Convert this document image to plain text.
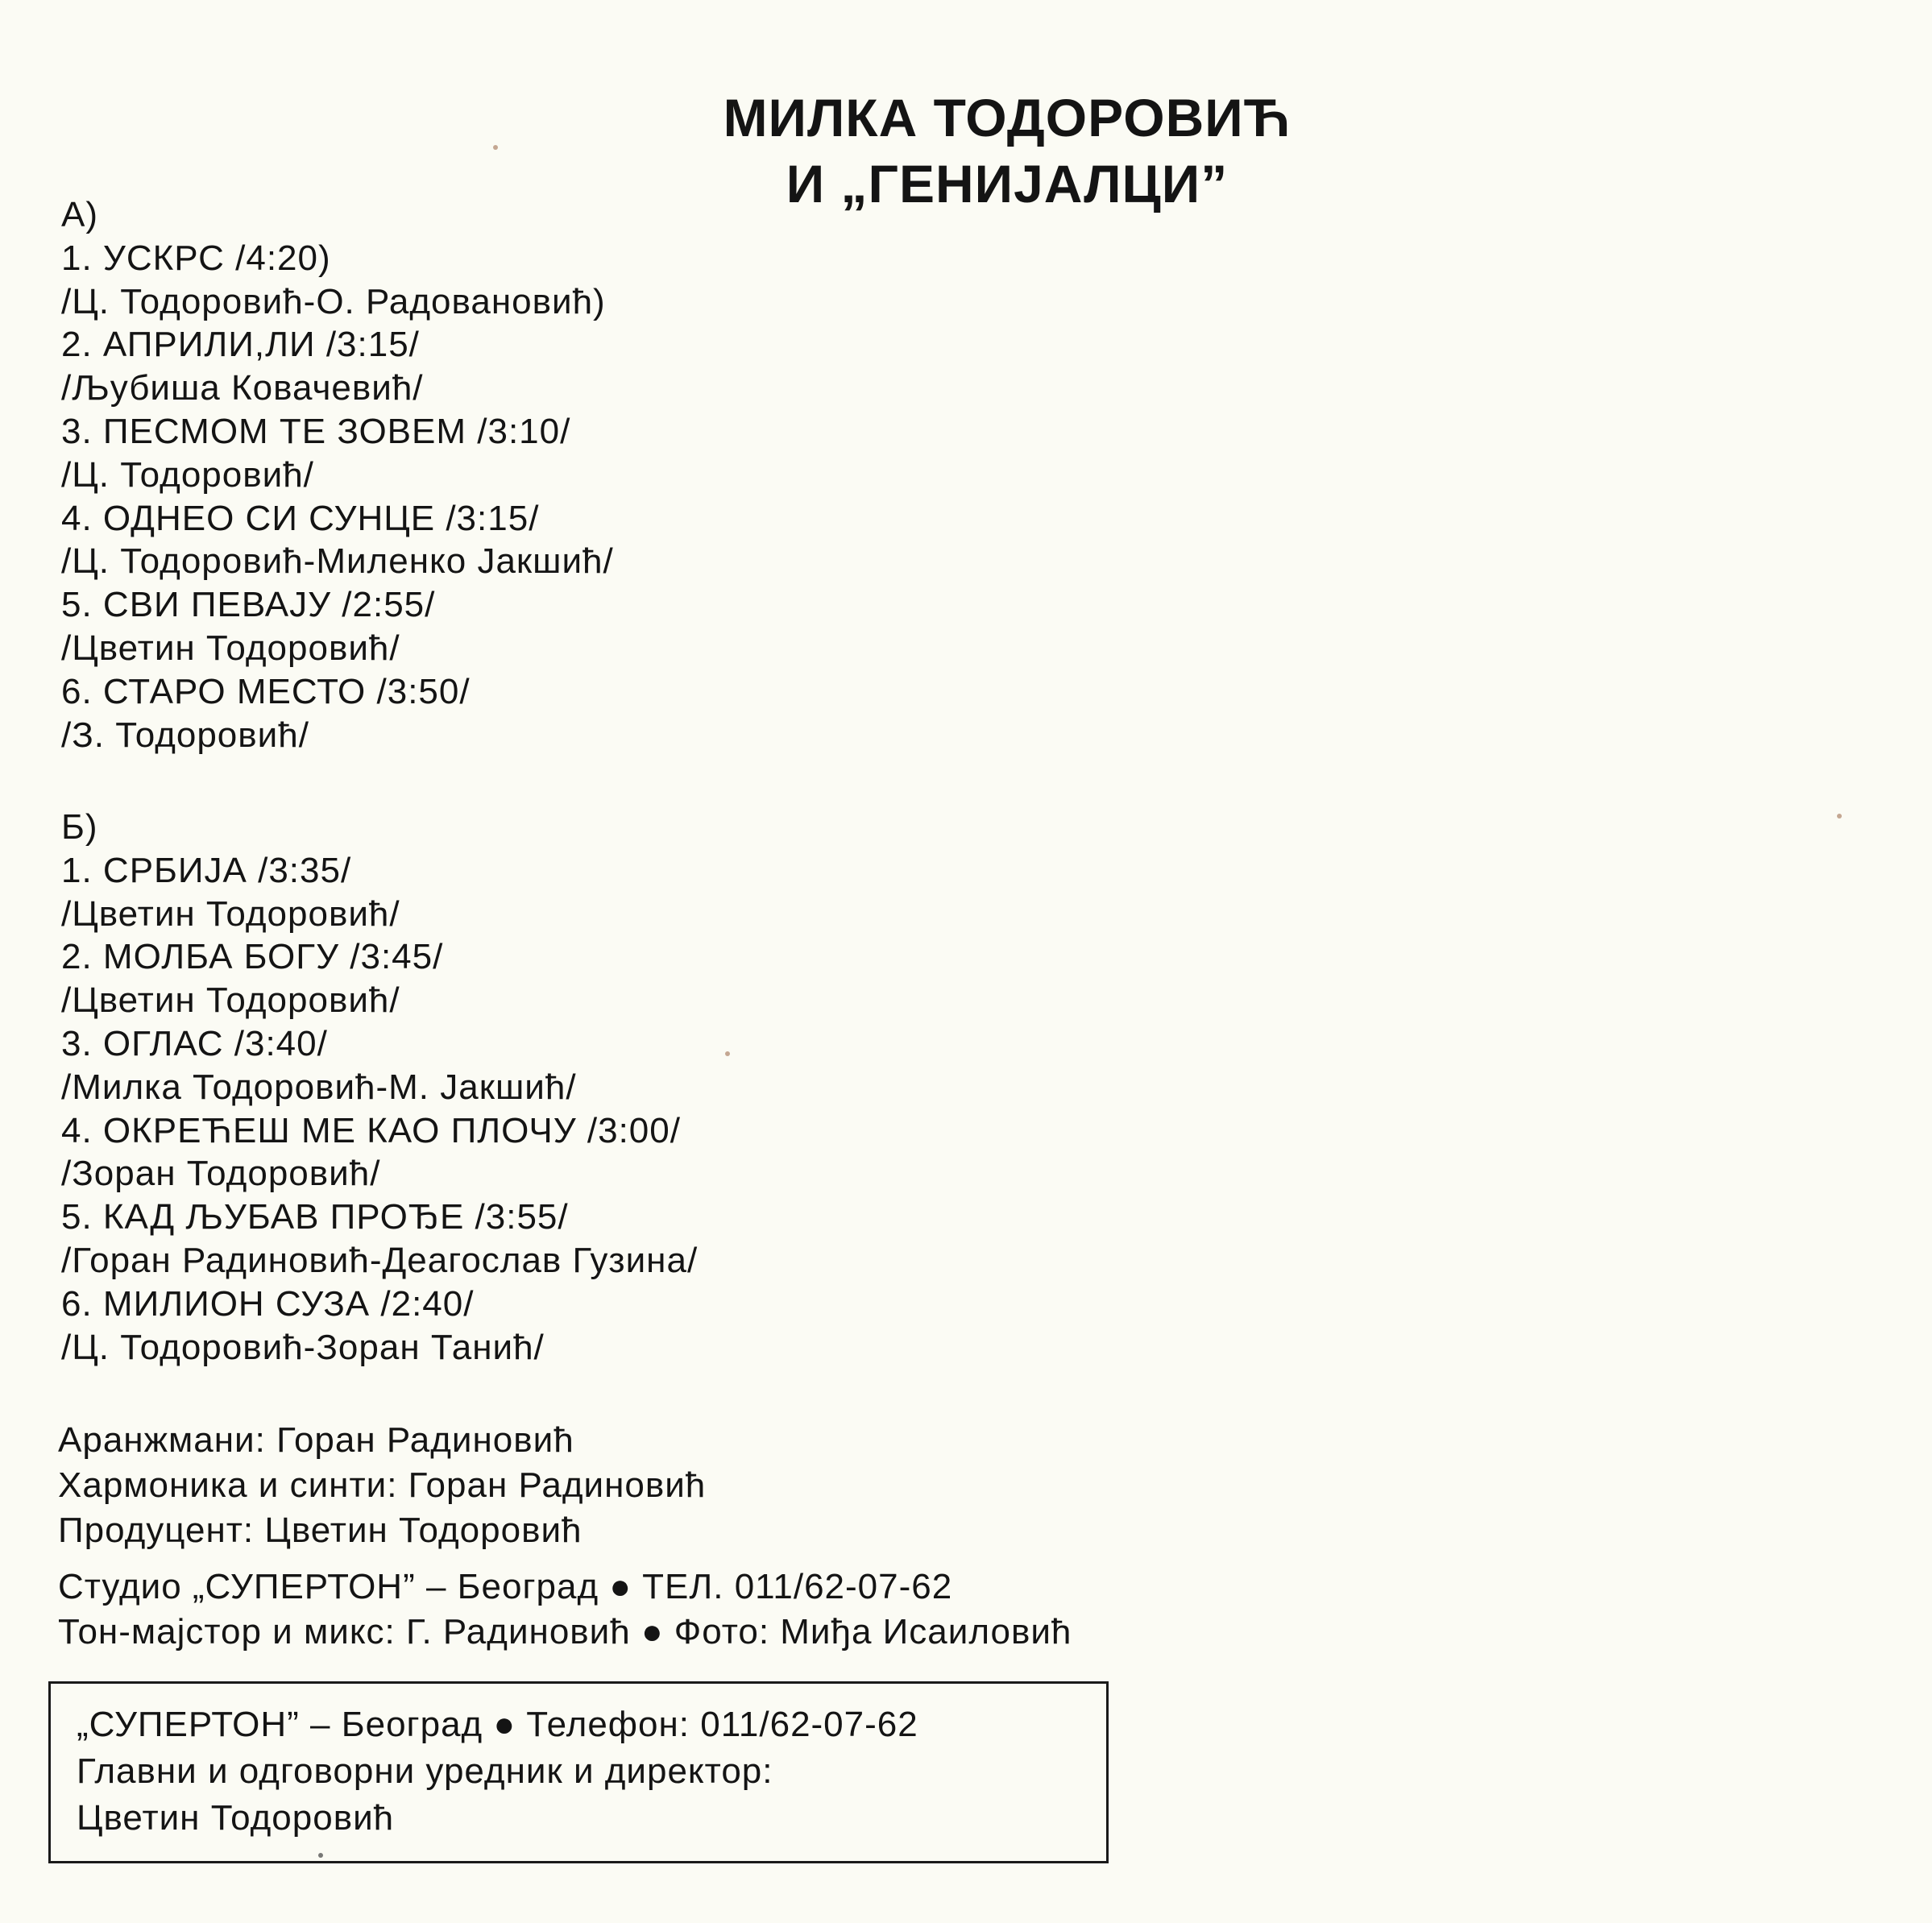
МИЛКА ТОДОРОВИЋ
И „ГЕНИЈАЛЦИ”
А)
1. УСКРС /4:20)
/Ц. Тодоровић-О. Радовановић)
2. АПРИЛИ,ЛИ /3:15/
/Љубиша Ковачевић/
3. ПЕСМОМ ТЕ ЗОВЕМ /3:10/
/Ц. Тодоровић/
4. ОДНЕО СИ СУНЦЕ /3:15/
/Ц. Тодоровић-Миленко Јакшић/
5. СВИ ПЕВАЈУ /2:55/
/Цветин Тодоровић/
6. СТАРО МЕСТО /3:50/
/З. Тодоровић/
Б)
1. СРБИЈА /3:35/
/Цветин Тодоровић/
2. МОЛБА БОГУ /3:45/
/Цветин Тодоровић/
3. ОГЛАС /3:40/
/Милка Тодоровић-М. Јакшић/
4. ОКРЕЋЕШ МЕ КАО ПЛОЧУ /3:00/
/Зоран Тодоровић/
5. КАД ЉУБАВ ПРОЂЕ /3:55/
/Горан Радиновић-Деагослав Гузина/
6. МИЛИОН СУЗА /2:40/
/Ц. Тодоровић-Зоран Танић/
Аранжмани: Горан Радиновић
Хармоника и синти: Горан Радиновић
Продуцент: Цветин Тодоровић
Студио „СУПЕРТОН” – Београд ● ТЕЛ. 011/62-07-62
Тон-мајстор и микс: Г. Радиновић ● Фото: Миђа Исаиловић
„СУПЕРТОН” – Београд ● Телефон: 011/62-07-62
Главни и одговорни уредник и директор:
Цветин Тодоровић
